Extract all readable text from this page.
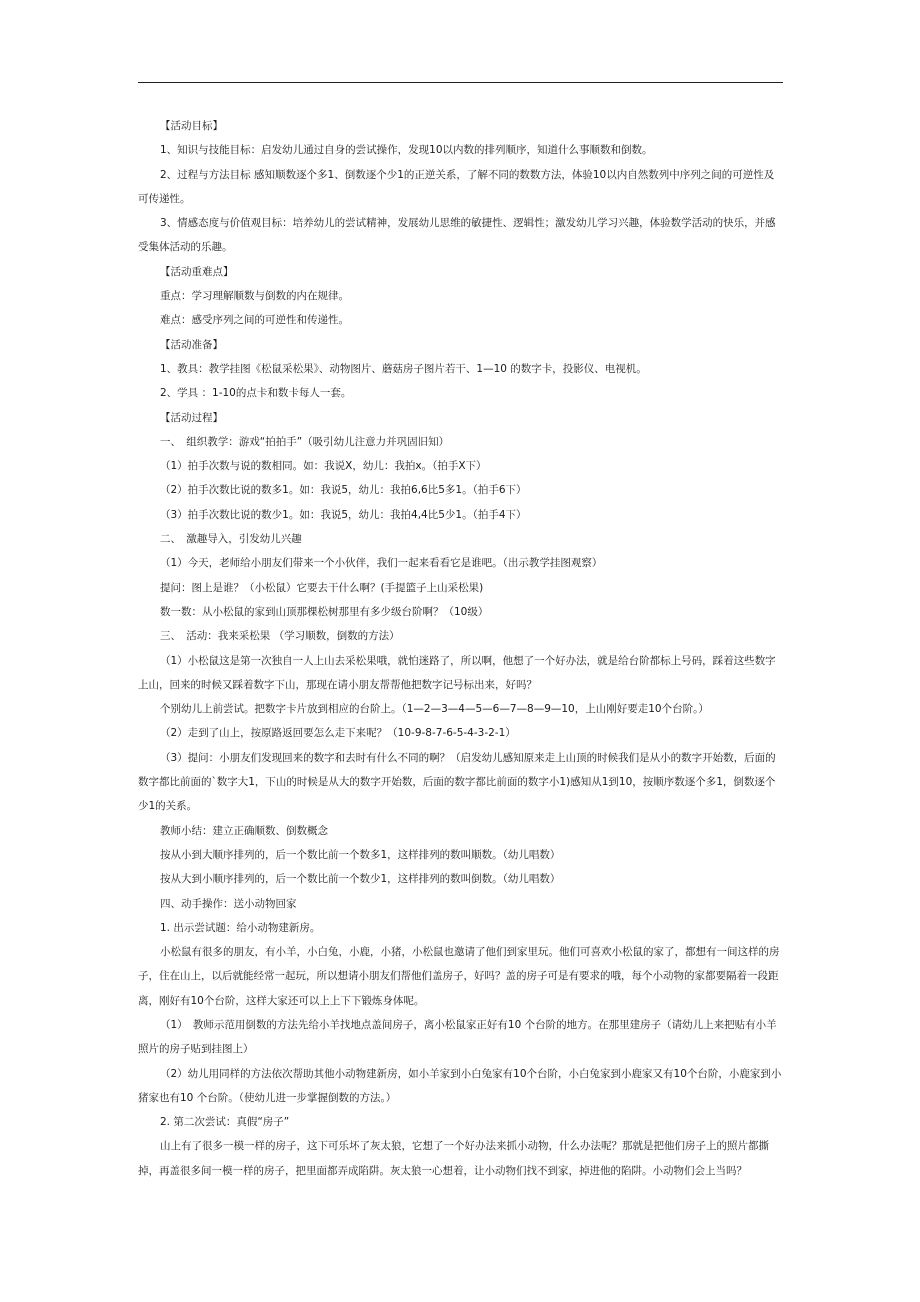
【活动目标】

1、知识与技能目标：启发幼儿通过自身的尝试操作，发现10以内数的排列顺序，知道什么事顺数和倒数。

2、过程与方法目标 感知顺数逐个多1、倒数逐个少1的正逆关系，了解不同的数数方法，体验10以内自然数列中序列之间的可逆性及可传递性。

3、情感态度与价值观目标：培养幼儿的尝试精神，发展幼儿思维的敏捷性、逻辑性；激发幼儿学习兴趣，体验数学活动的快乐，并感受集体活动的乐趣。

【活动重难点】

重点：学习理解顺数与倒数的内在规律。

难点：感受序列之间的可逆性和传递性。

【活动准备】

1、教具：教学挂图《松鼠采松果》、动物图片、蘑菇房子图片若干、1—10 的数字卡，投影仪、电视机。

2、学具 ：1-10的点卡和数卡每人一套。

【活动过程】

一、　组织教学：游戏“拍拍手”（吸引幼儿注意力并巩固旧知）

（1）拍手次数与说的数相同。如：我说X，幼儿：我拍x。（拍手X下）

（2）拍手次数比说的数多1。如：我说5，幼儿：我拍6,6比5多1。（拍手6下）

（3）拍手次数比说的数少1。如：我说5，幼儿：我拍4,4比5少1。（拍手4下）

二、　激趣导入，引发幼儿兴趣

（1）今天，老师给小朋友们带来一个小伙伴，我们一起来看看它是谁吧。（出示教学挂图观察）

提问：图上是谁？（小松鼠）它要去干什么啊？(手提篮子上山采松果)

数一数：从小松鼠的家到山顶那棵松树那里有多少级台阶啊？（10级）

三、　活动：我来采松果 （学习顺数，倒数的方法）

（1）小松鼠这是第一次独自一人上山去采松果哦，就怕迷路了，所以啊，他想了一个好办法，就是给台阶都标上号码，踩着这些数字上山，回来的时候又踩着数字下山，那现在请小朋友帮帮他把数字记号标出来，好吗？

个别幼儿上前尝试。把数字卡片放到相应的台阶上。（1—2—3—4—5—6—7—8—9—10，上山刚好要走10个台阶。）

（2）走到了山上，按原路返回要怎么走下来呢？（10-9-8-7-6-5-4-3-2-1）

（3）提问：小朋友们发现回来的数字和去时有什么不同的啊？（启发幼儿感知原来走上山顶的时候我们是从小的数字开始数，后面的数字都比前面的`数字大1，下山的时候是从大的数字开始数，后面的数字都比前面的数字小1)感知从1到10，按顺序数逐个多1，倒数逐个少1的关系。

教师小结：建立正确顺数、倒数概念

按从小到大顺序排列的，后一个数比前一个数多1，这样排列的数叫顺数。（幼儿唱数）

按从大到小顺序排列的，后一个数比前一个数少1，这样排列的数叫倒数。（幼儿唱数）

四、动手操作：送小动物回家

1. 出示尝试题：给小动物建新房。

小松鼠有很多的朋友，有小羊，小白兔，小鹿，小猪，小松鼠也邀请了他们到家里玩。他们可喜欢小松鼠的家了，都想有一间这样的房子，住在山上，以后就能经常一起玩，所以想请小朋友们帮他们盖房子，好吗？盖的房子可是有要求的哦，每个小动物的家都要隔着一段距离，刚好有10个台阶，这样大家还可以上上下下锻炼身体呢。

（1）　教师示范用倒数的方法先给小羊找地点盖间房子，离小松鼠家正好有10 个台阶的地方。在那里建房子（请幼儿上来把贴有小羊照片的房子贴到挂图上）

（2）幼儿用同样的方法依次帮助其他小动物建新房，如小羊家到小白兔家有10个台阶，小白兔家到小鹿家又有10个台阶，小鹿家到小猪家也有10 个台阶。（使幼儿进一步掌握倒数的方法。）

2. 第二次尝试：真假“房子”

山上有了很多一模一样的房子，这下可乐坏了灰太狼，它想了一个好办法来抓小动物，什么办法呢？那就是把他们房子上的照片都撕掉，再盖很多间一模一样的房子，把里面都弄成陷阱。灰太狼一心想着，让小动物们找不到家，掉进他的陷阱。小动物们会上当吗？
